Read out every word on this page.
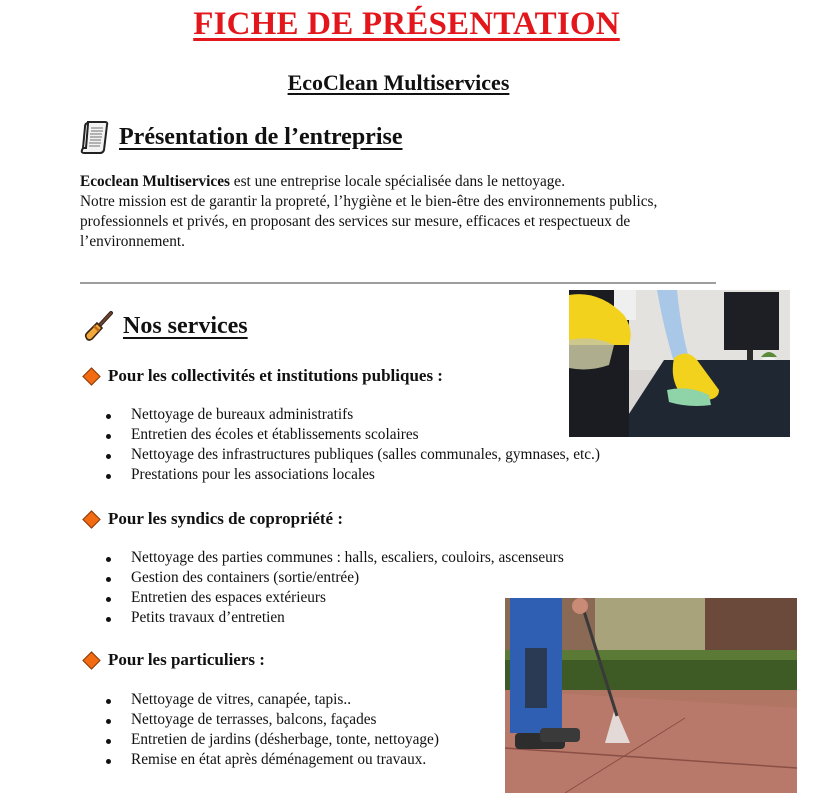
FICHE DE PRÉSENTATION
EcoClean Multiservices
Présentation de l’entreprise
Ecoclean Multiservices est une entreprise locale spécialisée dans le nettoyage.
Notre mission est de garantir la propreté, l’hygiène et le bien-être des environnements publics, professionnels et privés, en proposant des services sur mesure, efficaces et respectueux de l’environnement.
Nos services
Pour les collectivités et institutions publiques :
Nettoyage de bureaux administratifs
Entretien des écoles et établissements scolaires
Nettoyage des infrastructures publiques (salles communales, gymnases, etc.)
Prestations pour les associations locales
Pour les syndics de copropriété :
Nettoyage des parties communes : halls, escaliers, couloirs, ascenseurs
Gestion des containers (sortie/entrée)
Entretien des espaces extérieurs
Petits travaux d’entretien
Pour les particuliers :
Nettoyage de vitres, canapée, tapis..
Nettoyage de terrasses, balcons, façades
Entretien de jardins (désherbage, tonte, nettoyage)
Remise en état après déménagement ou travaux.
